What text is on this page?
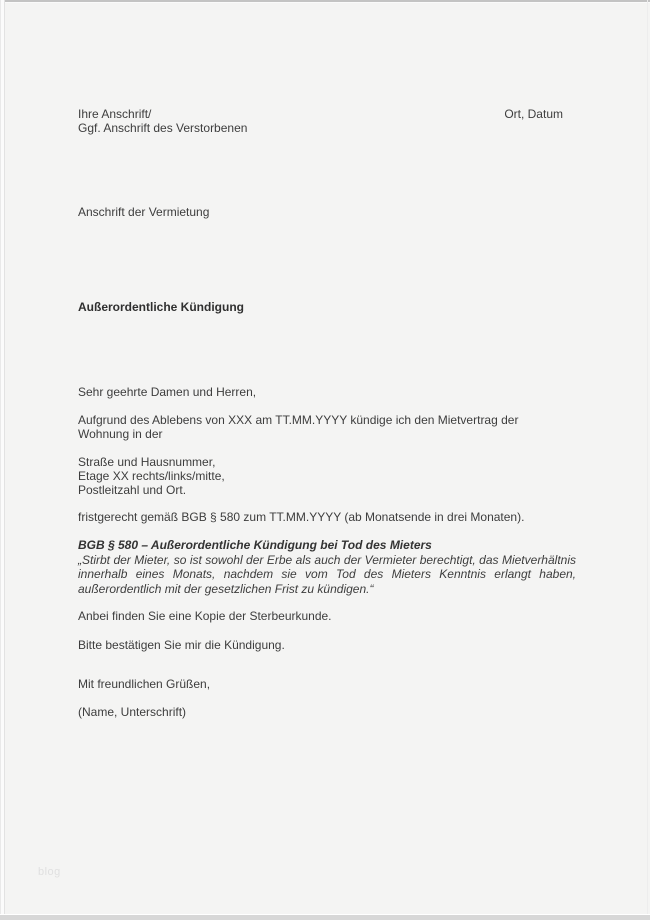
Ihre Anschrift/
Ggf. Anschrift des Verstorbenen
Ort, Datum
Anschrift der Vermietung
Außerordentliche Kündigung
Sehr geehrte Damen und Herren,
Aufgrund des Ablebens von XXX am TT.MM.YYYY kündige ich den Mietvertrag der
Wohnung in der
Straße und Hausnummer,
Etage XX rechts/links/mitte,
Postleitzahl und Ort.
fristgerecht gemäß BGB § 580 zum TT.MM.YYYY (ab Monatsende in drei Monaten).
BGB § 580 – Außerordentliche Kündigung bei Tod des Mieters
„Stirbt der Mieter, so ist sowohl der Erbe als auch der Vermieter berechtigt, das Mietverhältnis innerhalb eines Monats, nachdem sie vom Tod des Mieters Kenntnis erlangt haben, außerordentlich mit der gesetzlichen Frist zu kündigen.“
Anbei finden Sie eine Kopie der Sterbeurkunde.
Bitte bestätigen Sie mir die Kündigung.
Mit freundlichen Grüßen,
(Name, Unterschrift)
blog
